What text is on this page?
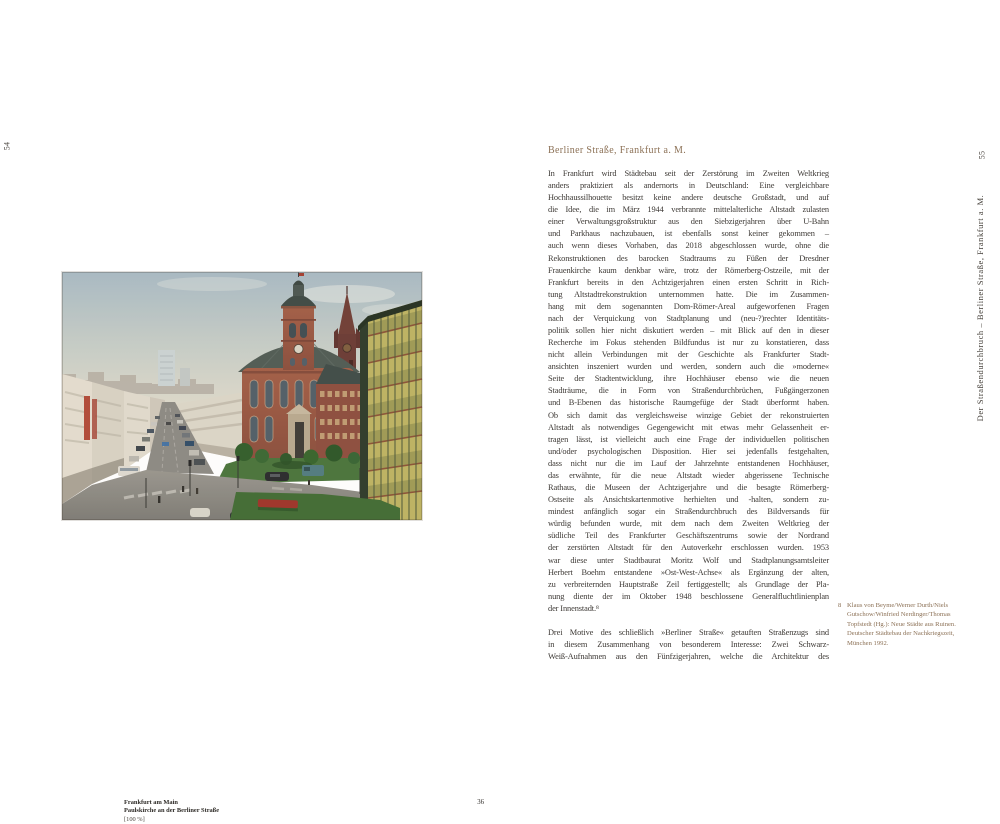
54
Frankfurt am Main
Paulskirche an der Berliner Straße
[100 %]
36
Berliner Straße, Frankfurt a. M.
In Frankfurt wird Städtebau seit der Zerstörung im Zweiten Weltkrieg
anders praktiziert als andernorts in Deutschland: Eine vergleichbare
Hochhaussilhouette besitzt keine andere deutsche Großstadt, und auf
die Idee, die im März 1944 verbrannte mittelalterliche Altstadt zulasten
einer Verwaltungsgroßstruktur aus den Siebzigerjahren über U-Bahn
und Parkhaus nachzubauen, ist ebenfalls sonst keiner gekommen –
auch wenn dieses Vorhaben, das 2018 abgeschlossen wurde, ohne die
Rekonstruktionen des barocken Stadtraums zu Füßen der Dresdner
Frauenkirche kaum denkbar wäre, trotz der Römerberg-Ostzeile, mit der
Frankfurt bereits in den Achtzigerjahren einen ersten Schritt in Rich-
tung Altstadtrekonstruktion unternommen hatte. Die im Zusammen-
hang mit dem sogenannten Dom-Römer-Areal aufgeworfenen Fragen
nach der Verquickung von Stadtplanung und (neu-?)rechter Identitäts-
politik sollen hier nicht diskutiert werden – mit Blick auf den in dieser
Recherche im Fokus stehenden Bildfundus ist nur zu konstatieren, dass
nicht allein Verbindungen mit der Geschichte als Frankfurter Stadt-
ansichten inszeniert wurden und werden, sondern auch die »moderne«
Seite der Stadtentwicklung, ihre Hochhäuser ebenso wie die neuen
Stadträume, die in Form von Straßendurchbrüchen, Fußgängerzonen
und B-Ebenen das historische Raumgefüge der Stadt überformt haben.
Ob sich damit das vergleichsweise winzige Gebiet der rekonstruierten
Altstadt als notwendiges Gegengewicht mit etwas mehr Gelassenheit er-
tragen lässt, ist vielleicht auch eine Frage der individuellen politischen
und/oder psychologischen Disposition. Hier sei jedenfalls festgehalten,
dass nicht nur die im Lauf der Jahrzehnte entstandenen Hochhäuser,
das erwähnte, für die neue Altstadt wieder abgerissene Technische
Rathaus, die Museen der Achtzigerjahre und die besagte Römerberg-
Ostseite als Ansichtskartenmotive herhielten und -halten, sondern zu-
mindest anfänglich sogar ein Straßendurchbruch des Bildversands für
würdig befunden wurde, mit dem nach dem Zweiten Weltkrieg der
südliche Teil des Frankfurter Geschäftszentrums sowie der Nordrand
der zerstörten Altstadt für den Autoverkehr erschlossen wurden. 1953
war diese unter Stadtbaurat Moritz Wolf und Stadtplanungsamtsleiter
Herbert Boehm entstandene »Ost-West-Achse« als Ergänzung der alten,
zu verbreiternden Hauptstraße Zeil fertiggestellt; als Grundlage der Pla-
nung diente der im Oktober 1948 beschlossene Generalfluchtlinienplan
der Innenstadt.⁸
Drei Motive des schließlich »Berliner Straße« getauften Straßenzugs sind
in diesem Zusammenhang von besonderem Interesse: Zwei Schwarz-
Weiß-Aufnahmen aus den Fünfzigerjahren, welche die Architektur des
8 Klaus von Beyme/Werner Durth/Niels
Gutschow/Winfried Nerdinger/Thomas
Topfstedt (Hg.): Neue Städte aus Ruinen.
Deutscher Städtebau der Nachkriegszeit,
München 1992.
Der Straßendurchbruch – Berliner Straße, Frankfurt a. M.
55
